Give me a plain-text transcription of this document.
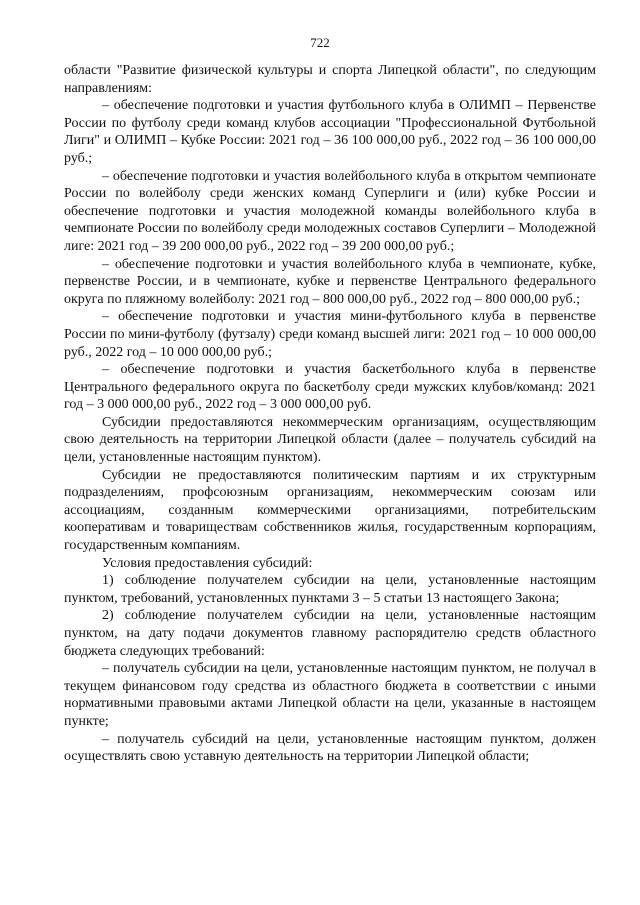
722

области "Развитие физической культуры и спорта Липецкой области", по следующим направлениям:

– обеспечение подготовки и участия футбольного клуба в ОЛИМП – Первенстве России по футболу среди команд клубов ассоциации "Профессиональной Футбольной Лиги" и ОЛИМП – Кубке России: 2021 год – 36 100 000,00 руб., 2022 год – 36 100 000,00 руб.;

– обеспечение подготовки и участия волейбольного клуба в открытом чемпионате России по волейболу среди женских команд Суперлиги и (или) кубке России и обеспечение подготовки и участия молодежной команды волейбольного клуба в чемпионате России по волейболу среди молодежных составов Суперлиги – Молодежной лиге: 2021 год – 39 200 000,00 руб., 2022 год – 39 200 000,00 руб.;

– обеспечение подготовки и участия волейбольного клуба в чемпионате, кубке, первенстве России, и в чемпионате, кубке и первенстве Центрального федерального округа по пляжному волейболу: 2021 год – 800 000,00 руб., 2022 год – 800 000,00 руб.;

– обеспечение подготовки и участия мини-футбольного клуба в первенстве России по мини-футболу (футзалу) среди команд высшей лиги: 2021 год – 10 000 000,00 руб., 2022 год – 10 000 000,00 руб.;

– обеспечение подготовки и участия баскетбольного клуба в первенстве Центрального федерального округа по баскетболу среди мужских клубов/команд: 2021 год – 3 000 000,00 руб., 2022 год – 3 000 000,00 руб.

Субсидии предоставляются некоммерческим организациям, осуществляющим свою деятельность на территории Липецкой области (далее – получатель субсидий на цели, установленные настоящим пунктом).

Субсидии не предоставляются политическим партиям и их структурным подразделениям, профсоюзным организациям, некоммерческим союзам или ассоциациям, созданным коммерческими организациями, потребительским кооперативам и товариществам собственников жилья, государственным корпорациям, государственным компаниям.

Условия предоставления субсидий:

1) соблюдение получателем субсидии на цели, установленные настоящим пунктом, требований, установленных пунктами 3 – 5 статьи 13 настоящего Закона;

2) соблюдение получателем субсидии на цели, установленные настоящим пунктом, на дату подачи документов главному распорядителю средств областного бюджета следующих требований:

– получатель субсидии на цели, установленные настоящим пунктом, не получал в текущем финансовом году средства из областного бюджета в соответствии с иными нормативными правовыми актами Липецкой области на цели, указанные в настоящем пункте;

– получатель субсидий на цели, установленные настоящим пунктом, должен осуществлять свою уставную деятельность на территории Липецкой области;
